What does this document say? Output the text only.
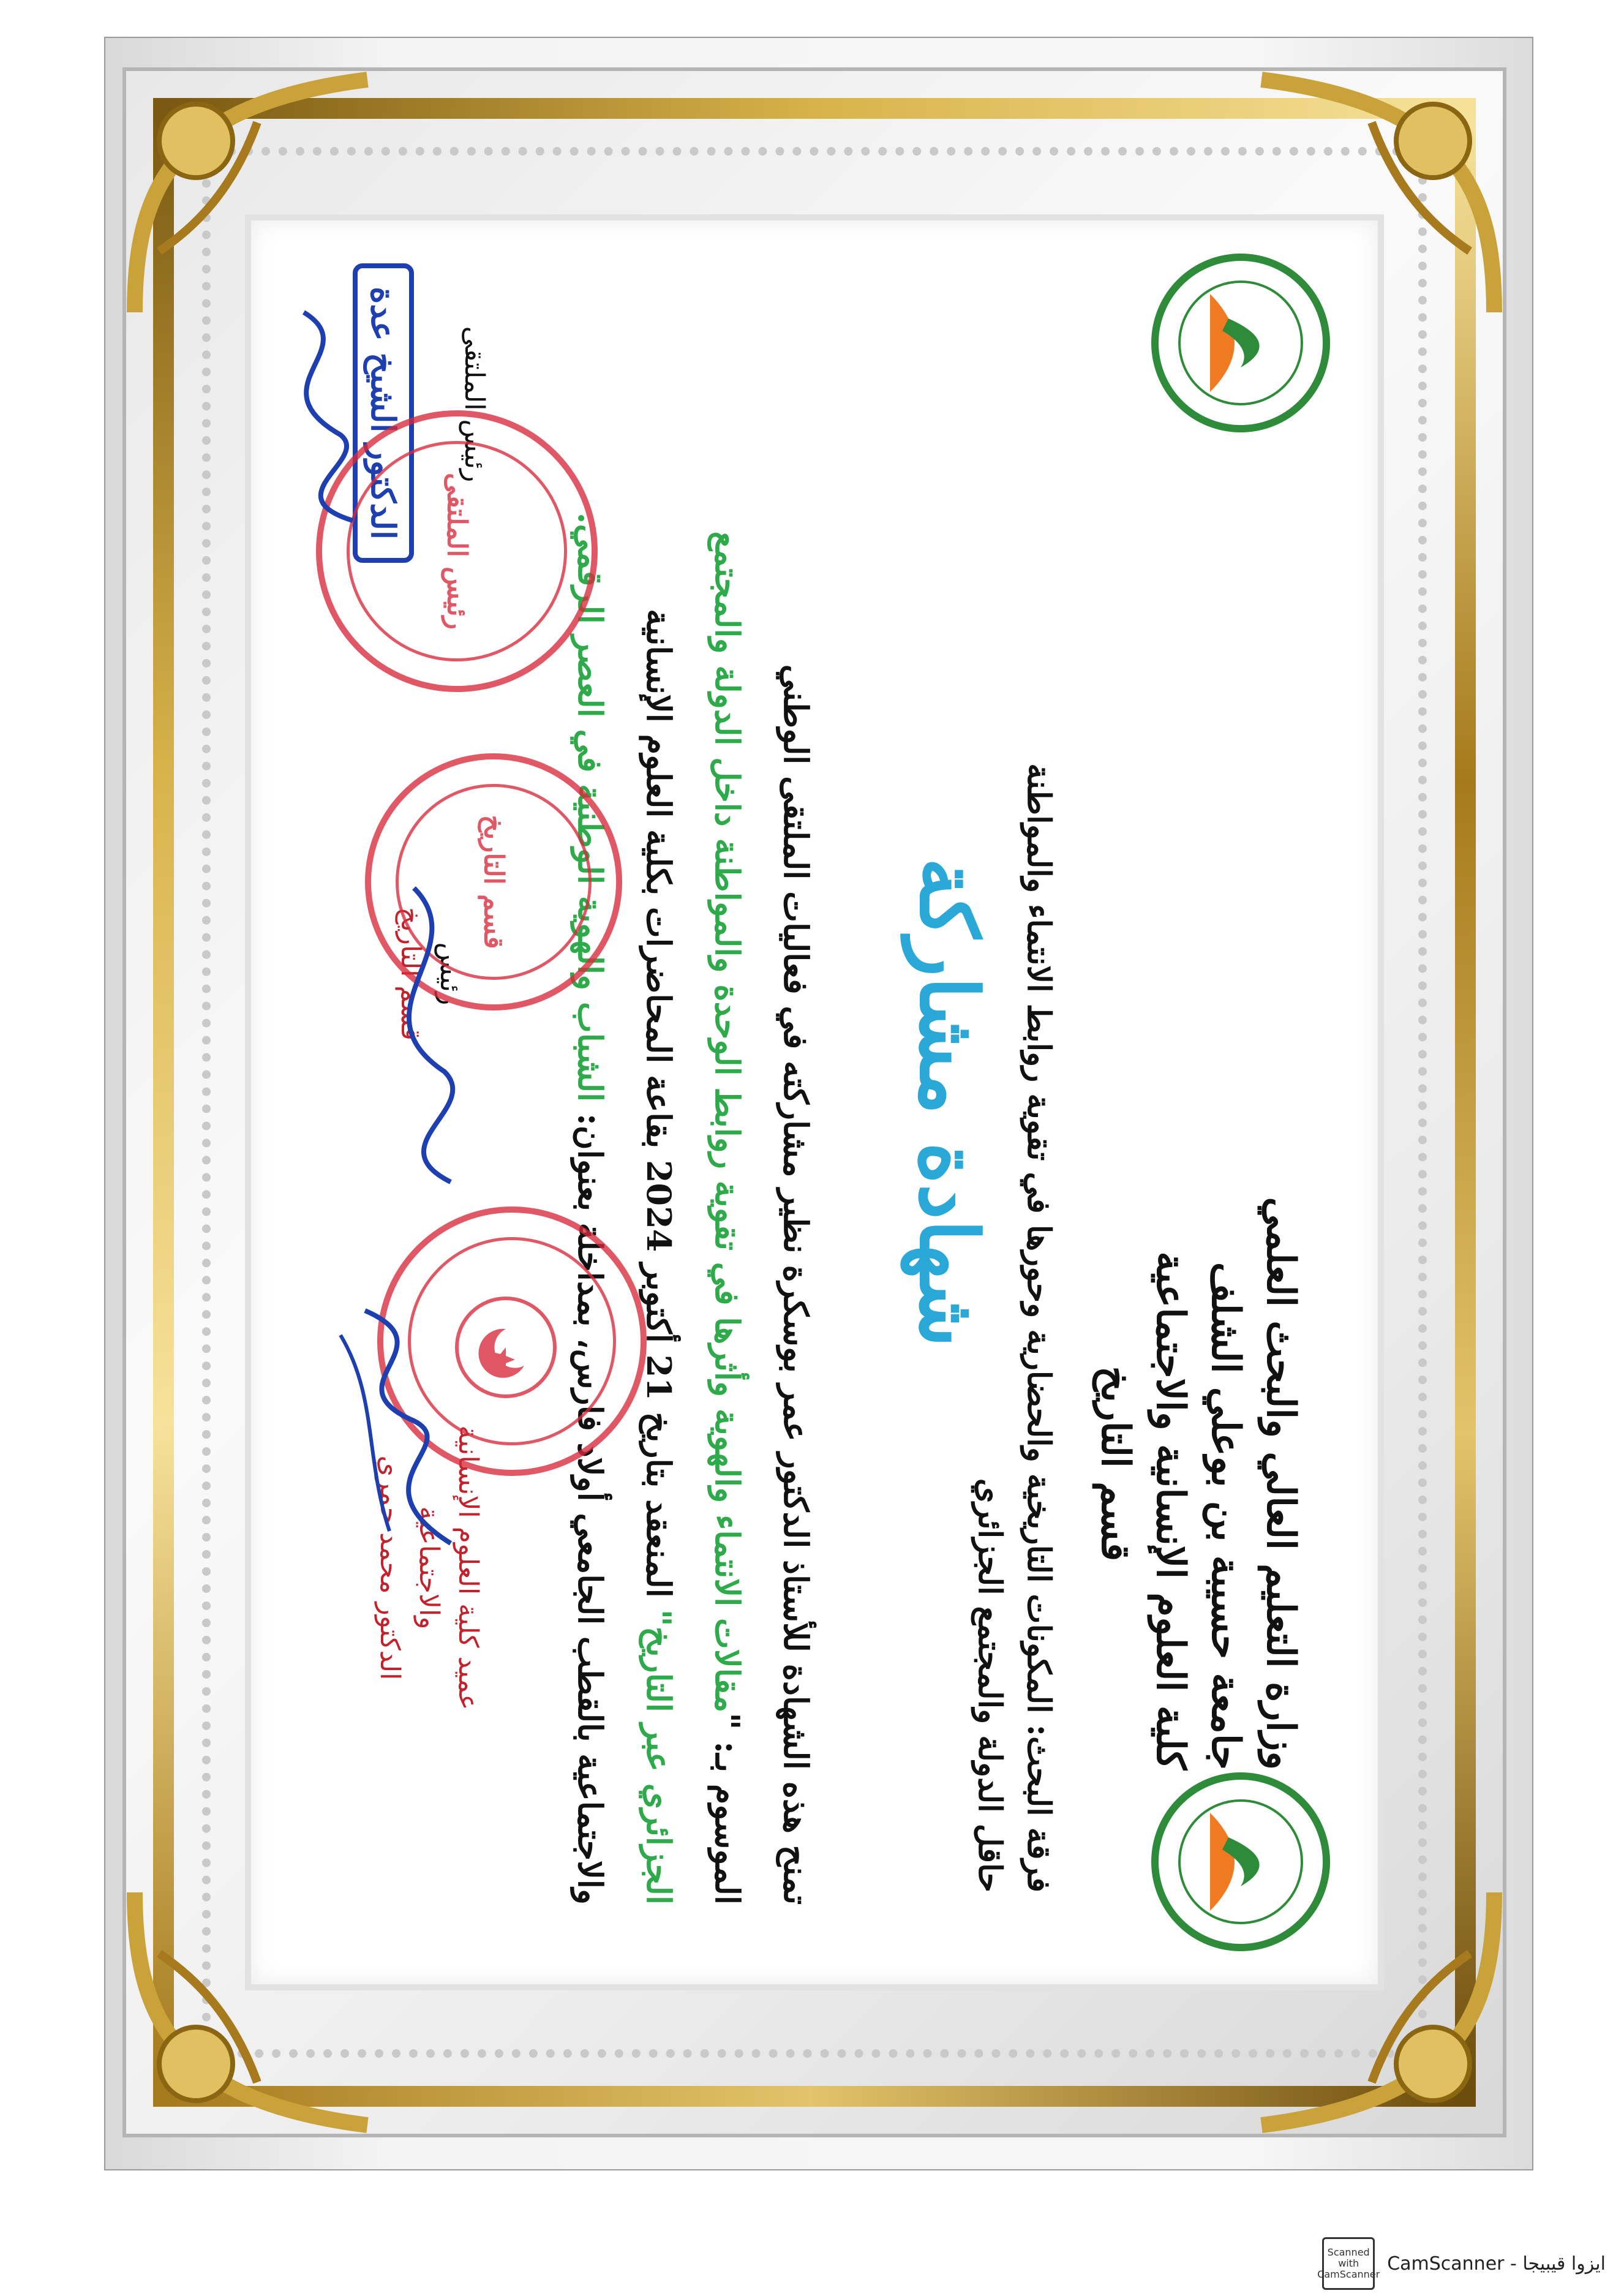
وزارة التعليم العالي والبحث العلمي
جامعة حسيبة بن بوعلي الشلف
كلية العلوم الإنسانية والاجتماعية
قسم التاريخ
فرقة البحث: المكونات التاريخية والحضارية وحورها في تقوية روابط الانتماء والمواطنة
حاقل الدولة والمجتمع الجزائري
شهادة مشاركة
تمنح هذه الشهادة للأستاذ الدكتور عمر بوسكرة نظير مشاركته في فعاليات الملتقى الوطني
الموسوم بـ: "مقالات الانتماء والهوية وأثرها في تقوية روابط الوحدة والمواطنة داخل الدولة والمجتمع
الجزائري عبر التاريخ" المنعقد بتاريخ 21 أكتوبر 2024 بقاعة المحاضرات بكلية العلوم الإنسانية
والاجتماعية بالقطب الجامعي أولاد فارس، بمداخلة بعنوان: الشباب والهوية الوطنية في العصر الرقمي.
عميد كلية العلوم الإنسانية
والاجتماعية
الدكتور محمد حمري
رئيس
قسم التاريخ
رئيس الملتقى
الدكتور الشيخ عدة
قسم التاريخ
رئيس الملتقى
Scanned with CamScanner CamScanner - ايزوا قيبيجا
